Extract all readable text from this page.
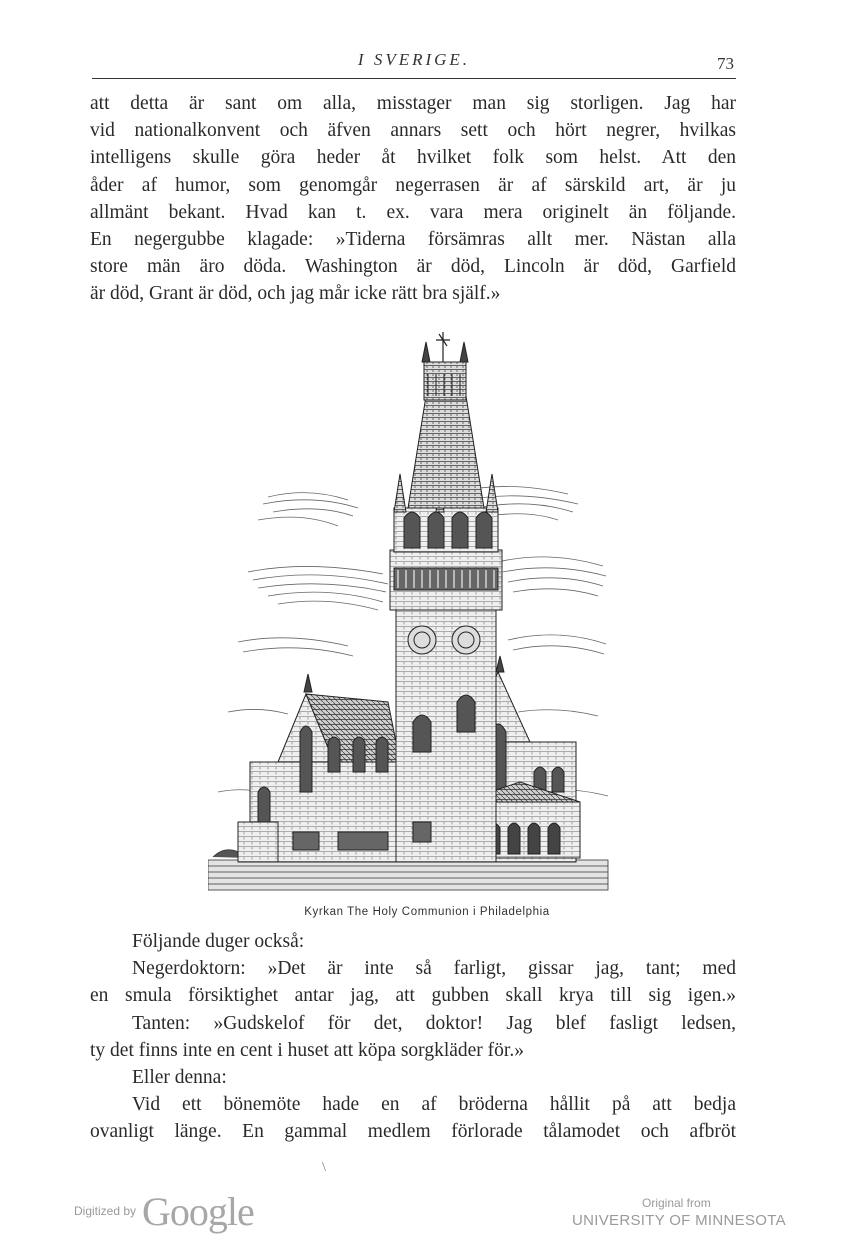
I SVERIGE.	73
att detta är sant om alla, misstager man sig storligen. Jag har
vid nationalkonvent och äfven annars sett och hört negrer, hvilkas
intelligens skulle göra heder åt hvilket folk som helst. Att den
åder af humor, som genomgår negerrasen är af särskild art, är ju
allmänt bekant. Hvad kan t. ex. vara mera originelt än följande.
En negergubbe klagade: »Tiderna försämras allt mer. Nästan alla
store män äro döda. Washington är död, Lincoln är död, Garfield
är död, Grant är död, och jag mår icke rätt bra själf.»
Kyrkan The Holy Communion i Philadelphia
Följande duger också:
Negerdoktorn: »Det är inte så farligt, gissar jag, tant; med
en smula försiktighet antar jag, att gubben skall krya till sig igen.»
Tanten: »Gudskelof för det, doktor! Jag blef fasligt ledsen,
ty det finns inte en cent i huset att köpa sorgkläder för.»
Eller denna:
Vid ett bönemöte hade en af bröderna hållit på att bedja
ovanligt länge. En gammal medlem förlorade tålamodet och afbröt
\
Digitized by Google	Original from
UNIVERSITY OF MINNESOTA
